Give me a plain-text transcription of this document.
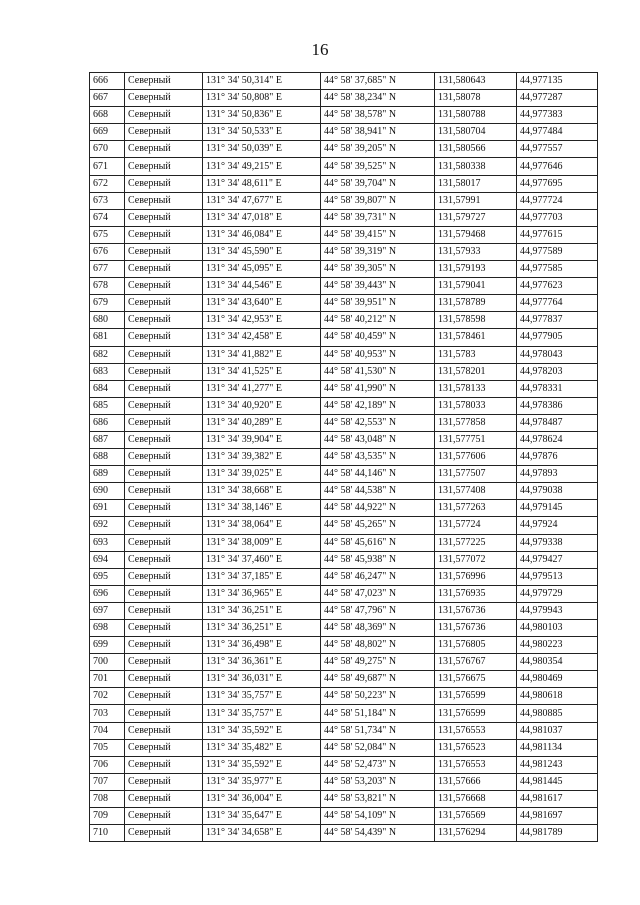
16
666	Северный	131° 34' 50,314" E	44° 58' 37,685" N	131,580643	44,977135
667	Северный	131° 34' 50,808" E	44° 58' 38,234" N	131,58078	44,977287
668	Северный	131° 34' 50,836" E	44° 58' 38,578" N	131,580788	44,977383
669	Северный	131° 34' 50,533" E	44° 58' 38,941" N	131,580704	44,977484
670	Северный	131° 34' 50,039" E	44° 58' 39,205" N	131,580566	44,977557
671	Северный	131° 34' 49,215" E	44° 58' 39,525" N	131,580338	44,977646
672	Северный	131° 34' 48,611" E	44° 58' 39,704" N	131,58017	44,977695
673	Северный	131° 34' 47,677" E	44° 58' 39,807" N	131,57991	44,977724
674	Северный	131° 34' 47,018" E	44° 58' 39,731" N	131,579727	44,977703
675	Северный	131° 34' 46,084" E	44° 58' 39,415" N	131,579468	44,977615
676	Северный	131° 34' 45,590" E	44° 58' 39,319" N	131,57933	44,977589
677	Северный	131° 34' 45,095" E	44° 58' 39,305" N	131,579193	44,977585
678	Северный	131° 34' 44,546" E	44° 58' 39,443" N	131,579041	44,977623
679	Северный	131° 34' 43,640" E	44° 58' 39,951" N	131,578789	44,977764
680	Северный	131° 34' 42,953" E	44° 58' 40,212" N	131,578598	44,977837
681	Северный	131° 34' 42,458" E	44° 58' 40,459" N	131,578461	44,977905
682	Северный	131° 34' 41,882" E	44° 58' 40,953" N	131,5783	44,978043
683	Северный	131° 34' 41,525" E	44° 58' 41,530" N	131,578201	44,978203
684	Северный	131° 34' 41,277" E	44° 58' 41,990" N	131,578133	44,978331
685	Северный	131° 34' 40,920" E	44° 58' 42,189" N	131,578033	44,978386
686	Северный	131° 34' 40,289" E	44° 58' 42,553" N	131,577858	44,978487
687	Северный	131° 34' 39,904" E	44° 58' 43,048" N	131,577751	44,978624
688	Северный	131° 34' 39,382" E	44° 58' 43,535" N	131,577606	44,97876
689	Северный	131° 34' 39,025" E	44° 58' 44,146" N	131,577507	44,97893
690	Северный	131° 34' 38,668" E	44° 58' 44,538" N	131,577408	44,979038
691	Северный	131° 34' 38,146" E	44° 58' 44,922" N	131,577263	44,979145
692	Северный	131° 34' 38,064" E	44° 58' 45,265" N	131,57724	44,97924
693	Северный	131° 34' 38,009" E	44° 58' 45,616" N	131,577225	44,979338
694	Северный	131° 34' 37,460" E	44° 58' 45,938" N	131,577072	44,979427
695	Северный	131° 34' 37,185" E	44° 58' 46,247" N	131,576996	44,979513
696	Северный	131° 34' 36,965" E	44° 58' 47,023" N	131,576935	44,979729
697	Северный	131° 34' 36,251" E	44° 58' 47,796" N	131,576736	44,979943
698	Северный	131° 34' 36,251" E	44° 58' 48,369" N	131,576736	44,980103
699	Северный	131° 34' 36,498" E	44° 58' 48,802" N	131,576805	44,980223
700	Северный	131° 34' 36,361" E	44° 58' 49,275" N	131,576767	44,980354
701	Северный	131° 34' 36,031" E	44° 58' 49,687" N	131,576675	44,980469
702	Северный	131° 34' 35,757" E	44° 58' 50,223" N	131,576599	44,980618
703	Северный	131° 34' 35,757" E	44° 58' 51,184" N	131,576599	44,980885
704	Северный	131° 34' 35,592" E	44° 58' 51,734" N	131,576553	44,981037
705	Северный	131° 34' 35,482" E	44° 58' 52,084" N	131,576523	44,981134
706	Северный	131° 34' 35,592" E	44° 58' 52,473" N	131,576553	44,981243
707	Северный	131° 34' 35,977" E	44° 58' 53,203" N	131,57666	44,981445
708	Северный	131° 34' 36,004" E	44° 58' 53,821" N	131,576668	44,981617
709	Северный	131° 34' 35,647" E	44° 58' 54,109" N	131,576569	44,981697
710	Северный	131° 34' 34,658" E	44° 58' 54,439" N	131,576294	44,981789
